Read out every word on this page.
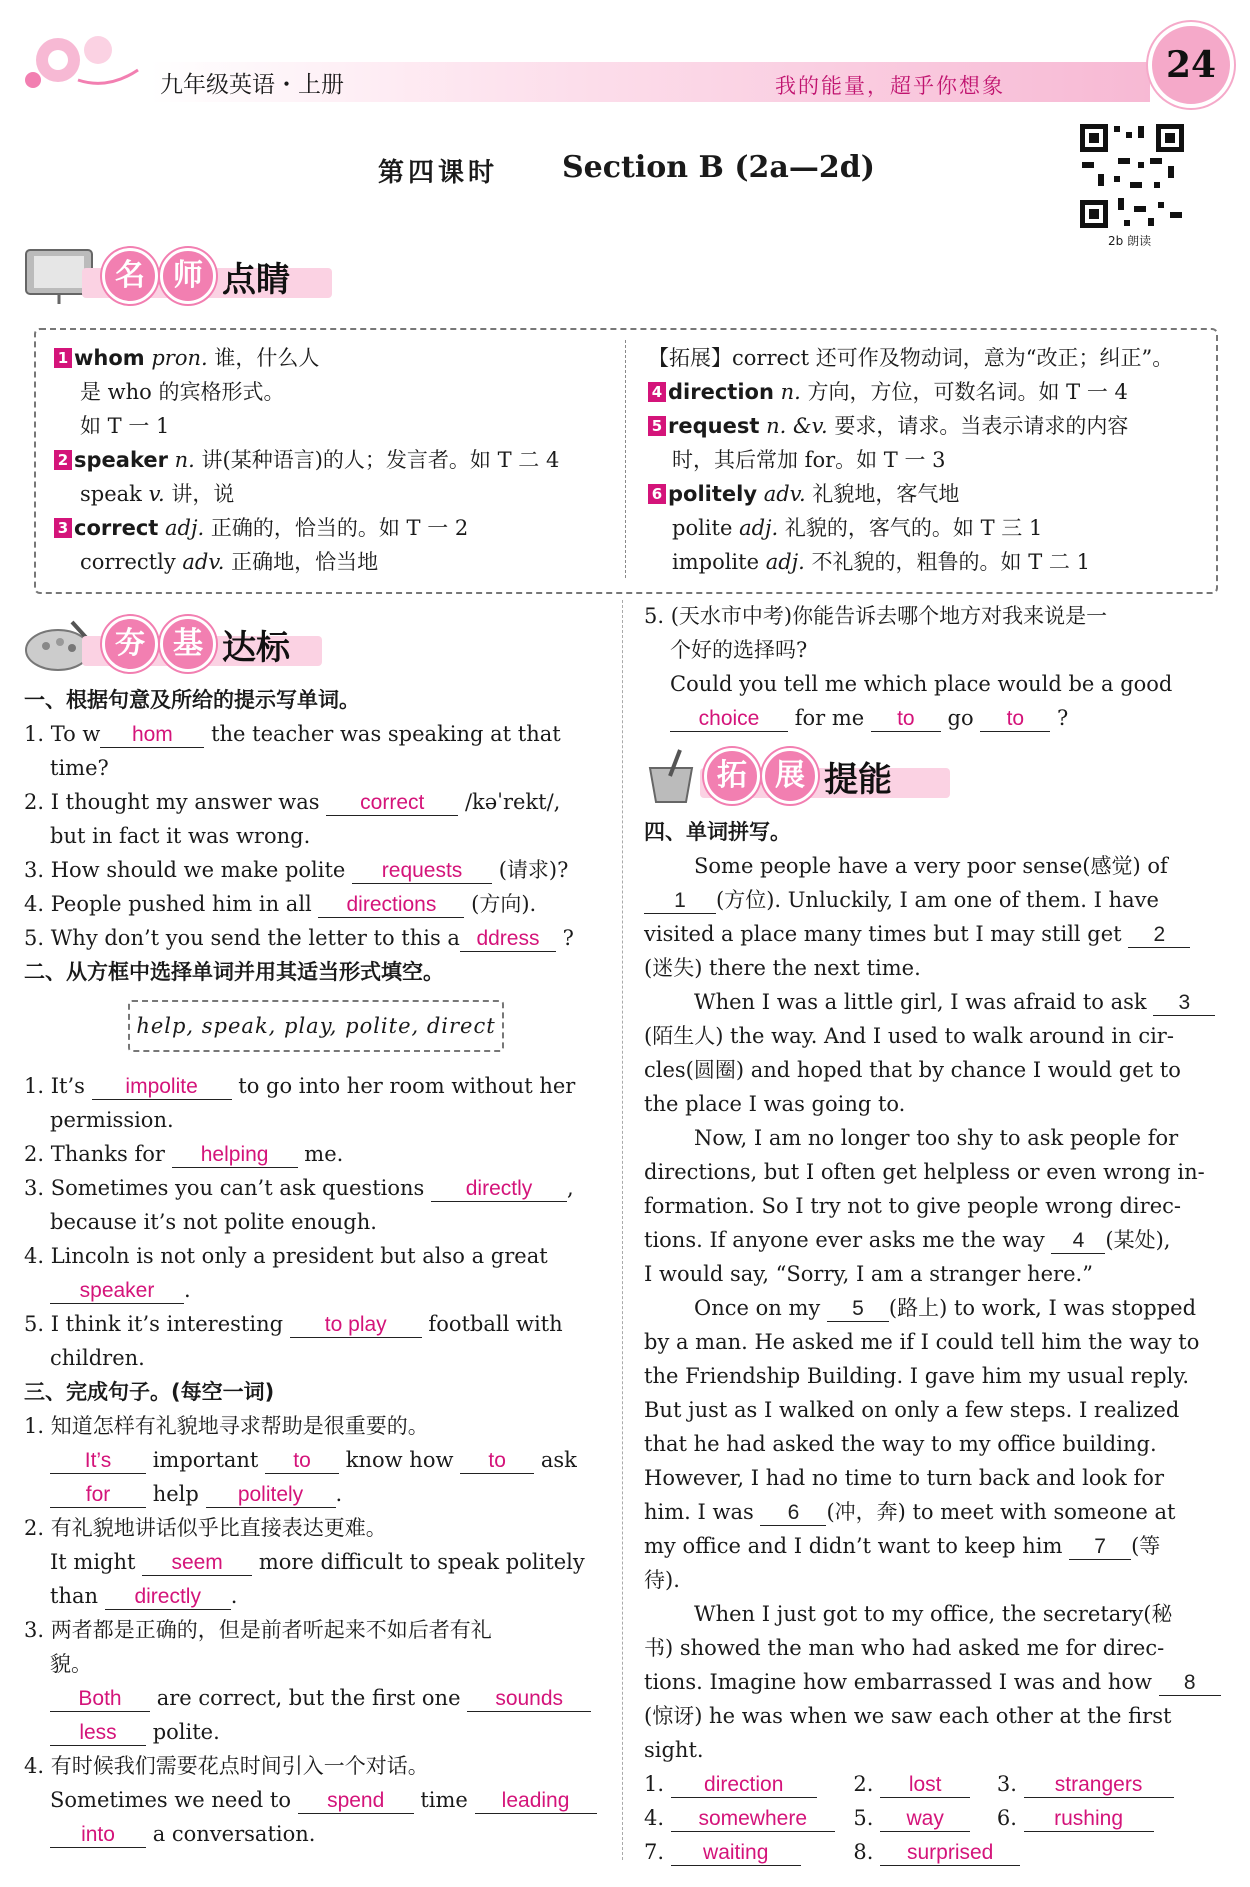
九年级英语・上册	我的能量，超乎你想象	24
第四课时 Section B (2a—2d)
2b 朗读
名 师 点睛
1 whom pron. 谁，什么人
是 who 的宾格形式。
如 T 一 1
2 speaker n. 讲(某种语言)的人；发言者。如 T 二 4
speak v. 讲，说
3 correct adj. 正确的，恰当的。如 T 一 2
correctly adv. 正确地，恰当地
【拓展】correct 还可作及物动词，意为“改正；纠正”。
4 direction n. 方向，方位，可数名词。如 T 一 4
5 request n. &v. 要求，请求。当表示请求的内容
时，其后常加 for。如 T 一 3
6 politely adv. 礼貌地，客气地
polite adj. 礼貌的，客气的。如 T 三 1
impolite adj. 不礼貌的，粗鲁的。如 T 二 1
夯 基 达标
一、根据句意及所给的提示写单词。
1. To w hom the teacher was speaking at that
time?
2. I thought my answer was correct /kəˈrekt/,
but in fact it was wrong.
3. How should we make polite requests (请求)?
4. People pushed him in all directions (方向).
5. Why don’t you send the letter to this a ddress ?
二、从方框中选择单词并用其适当形式填空。
help, speak, play, polite, direct
1. It’s impolite to go into her room without her
permission.
2. Thanks for helping me.
3. Sometimes you can’t ask questions directly ,
because it’s not polite enough.
4. Lincoln is not only a president but also a great
speaker .
5. I think it’s interesting to play football with
children.
三、完成句子。(每空一词)
1. 知道怎样有礼貌地寻求帮助是很重要的。
It’s important to know how to ask
for help politely .
2. 有礼貌地讲话似乎比直接表达更难。
It might seem more difficult to speak politely
than directly .
3. 两者都是正确的，但是前者听起来不如后者有礼
貌。
Both are correct, but the first one sounds
less polite.
4. 有时候我们需要花点时间引入一个对话。
Sometimes we need to spend time leading
into a conversation.
5. (天水市中考)你能告诉去哪个地方对我来说是一
个好的选择吗?
Could you tell me which place would be a good
choice for me to go to ?
拓 展 提能
四、单词拼写。
Some people have a very poor sense(感觉) of
1 (方位). Unluckily, I am one of them. I have
visited a place many times but I may still get 2
(迷失) there the next time.
When I was a little girl, I was afraid to ask 3
(陌生人) the way. And I used to walk around in cir-
cles(圆圈) and hoped that by chance I would get to
the place I was going to.
Now, I am no longer too shy to ask people for
directions, but I often get helpless or even wrong in-
formation. So I try not to give people wrong direc-
tions. If anyone ever asks me the way 4 (某处),
I would say, “Sorry, I am a stranger here.”
Once on my 5 (路上) to work, I was stopped
by a man. He asked me if I could tell him the way to
the Friendship Building. I gave him my usual reply.
But just as I walked on only a few steps. I realized
that he had asked the way to my office building.
However, I had no time to turn back and look for
him. I was 6 (冲，奔) to meet with someone at
my office and I didn’t want to keep him 7 (等
待).
When I just got to my office, the secretary(秘
书) showed the man who had asked me for direc-
tions. Imagine how embarrassed I was and how 8
(惊讶) he was when we saw each other at the first
sight.
1. direction	2. lost	3. strangers
4. somewhere 5. way	6. rushing
7. waiting	8. surprised
